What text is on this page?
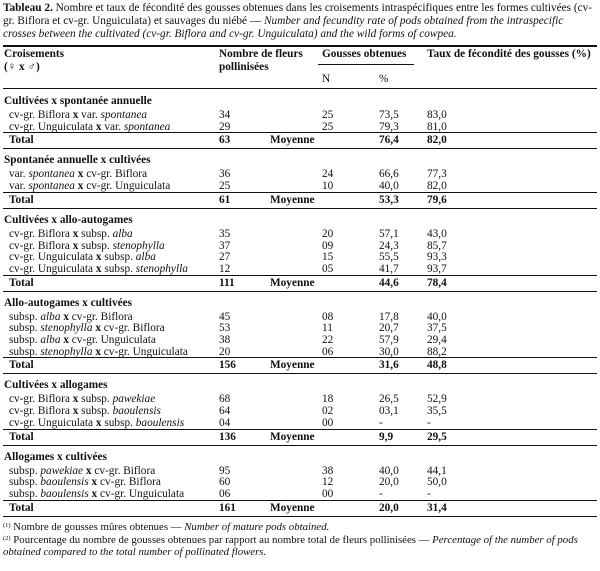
Tableau 2. Nombre et taux de fécondité des gousses obtenues dans les croisements intraspécifiques entre les formes cultivées (cv-gr. Biflora et cv-gr. Unguiculata) et sauvages du niébé — Number and fecundity rate of pods obtained from the intraspecific crosses between the cultivated (cv-gr. Biflora and cv-gr. Unguiculata) and the wild forms of cowpea.
Croisements
(♀ x ♂)
Nombre de fleurs
pollinisées
Gousses obtenues
N	%
Taux de fécondité des gousses (%)
Cultivées x spontanée annuelle
cv-gr. Biflora x var. spontanea	34	25	73,5 83,0
cv-gr. Unguiculata x var. spontanea	29	25	79,3 81,0
Total	63	Moyenne	76,4 82,0
Spontanée annuelle x cultivées
var. spontanea x cv-gr. Biflora	36	24	66,6 77,3
var. spontanea x cv-gr. Unguiculata	25	10	40,0 82,0
Total	61	Moyenne	53,3 79,6
Cultivées x allo-autogames
cv-gr. Biflora x subsp. alba	35	20	57,1 43,0
cv-gr. Biflora x subsp. stenophylla	37	09	24,3 85,7
cv-gr. Unguiculata x subsp. alba	27	15	55,5 93,3
cv-gr. Unguiculata x subsp. stenophylla	12	05	41,7 93,7
Total	111	Moyenne	44,6 78,4
Allo-autogames x cultivées
subsp. alba x cv-gr. Biflora	45	08	17,8 40,0
subsp. stenophylla x cv-gr. Biflora	53	11	20,7 37,5
subsp. alba x cv-gr. Unguiculata	38	22	57,9 29,4
subsp. stenophylla x cv-gr. Unguiculata	20	06	30,0 88,2
Total	156	Moyenne	31,6 48,8
Cultivées x allogames
cv-gr. Biflora x subsp. pawekiae	68	18	26,5 52,9
cv-gr. Biflora x subsp. baoulensis	64	02	03,1 35,5
cv-gr. Unguiculata x subsp. baoulensis	04	00	-	-
Total	136	Moyenne	9,9	29,5
Allogames x cultivées
subsp. pawekiae x cv-gr. Biflora	95	38	40,0 44,1
subsp. baoulensis x cv-gr. Biflora	60	12	20,0 50,0
subsp. baoulensis x cv-gr. Unguiculata	06	00	-	-
Total	161	Moyenne	20,0 31,4
$^{(1)}$ Nombre de gousses mûres obtenues — Number of mature pods obtained.
$^{(2)}$ Pourcentage du nombre de gousses obtenues par rapport au nombre total de fleurs pollinisées — Percentage of the number of pods obtained compared to the total number of pollinated flowers.
